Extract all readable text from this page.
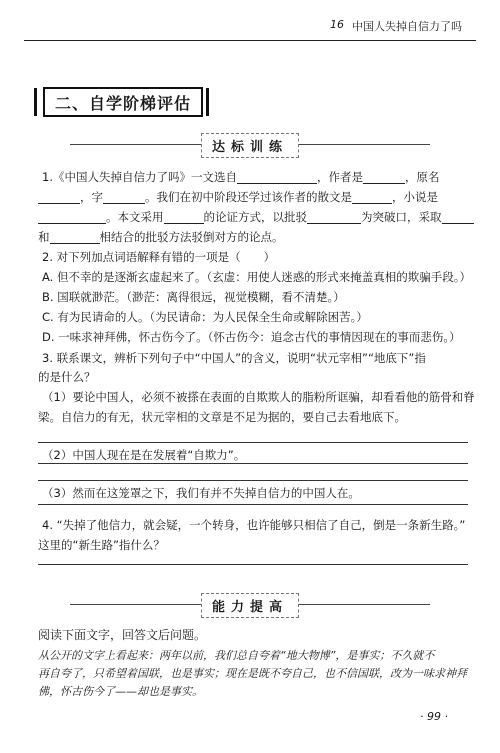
16 中国人失掉自信力了吗
二、自学阶梯评估
达标训练
1.《中国人失掉自信力了吗》一文选自	，作者是	，原名
，字	。我们在初中阶段还学过该作者的散文是	，小说是
。本文采用	的论证方式，以批驳	为突破口，采取
和	相结合的批驳方法驳倒对方的论点。
2. 对下列加点词语解释有错的一项是（　　）
A. 但不幸的是逐渐玄虚起来了。（玄虚：用使人迷惑的形式来掩盖真相的欺骗手段。）
B. 国联就渺茫。（渺茫：离得很远，视觉模糊，看不清楚。）
C. 有为民请命的人。（为民请命：为人民保全生命或解除困苦。）
D. 一味求神拜佛，怀古伤今了。（怀古伤今：追念古代的事情因现在的事而悲伤。）
3. 联系课文，辨析下列句子中“中国人”的含义，说明“状元宰相”“地底下”指
的是什么？
（1）要论中国人，必须不被搽在表面的自欺欺人的脂粉所诓骗，却看看他的筋骨和脊
梁。自信力的有无，状元宰相的文章是不足为据的，要自己去看地底下。
（2）中国人现在是在发展着“自欺力”。
（3）然而在这笼罩之下，我们有并不失掉自信力的中国人在。
4. “失掉了他信力，就会疑，一个转身，也许能够只相信了自己，倒是一条新生路。”
这里的“新生路”指什么？
能力提高
阅读下面文字，回答文后问题。
从公开的文字上看起来：两年以前，我们总自夸着“地大物博”，是事实；不久就不
再自夸了，只希望着国联，也是事实；现在是既不夸自己，也不信国联，改为一味求神拜
佛，怀古伤今了——却也是事实。
· 99 ·
